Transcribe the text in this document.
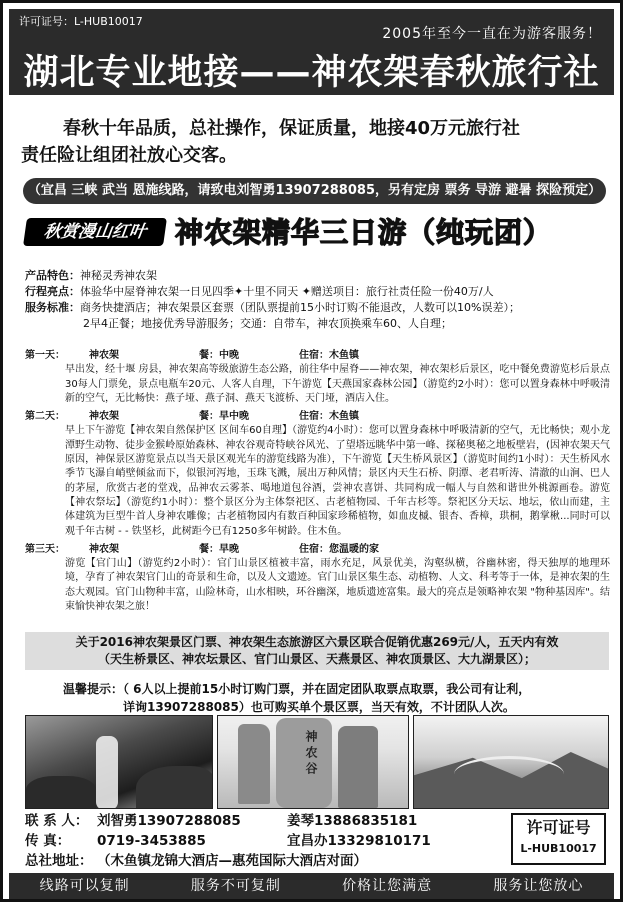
许可证号：L-HUB10017
2005年至今一直在为游客服务！
湖北专业地接——神农架春秋旅行社

春秋十年品质，总社操作，保证质量，地接40万元旅行社

责任险让组团社放心交客。

（宜昌 三峡 武当 恩施线路，请致电刘智勇13907288085，另有定房 票务 导游 避暑 探险预定）
秋赏漫山红叶 神农架精华三日游（纯玩团）
产品特色：神秘灵秀神农架
行程亮点：体验华中屋脊神农架一日见四季✦十里不同天 ✦赠送项目：旅行社责任险一份40万/人
服务标准：商务快捷酒店；神农架景区套票（团队票提前15小时订购不能退改，人数可以10%误差）；
2早4正餐；地接优秀导游服务；交通：自带车，神农顶换乘车60、人自理；
第一天：	神农架	餐：中晚	住宿：木鱼镇
早出发，经十堰 房县，神农架高等级旅游生态公路，前往华中屋脊——神农架，神农架杉后景区，吃中餐免费游览杉后景点30每人门票免，景点电瓶车20元、人客人自理，下午游览【天燕国家森林公园】（游览约2小时）：您可以置身森林中呼吸清新的空气，无比畅快：燕子垭、燕子洞、燕天飞渡桥、天门垭，酒店入住。
第二天：	神农架	餐：早中晚	住宿：木鱼镇
早上下午游览【神农架自然保护区 区间车60自理】（游览约4小时）：您可以置身森林中呼吸清新的空气，无比畅快；观小龙潭野生动物、徒步金猴岭原始森林、神农谷观奇特峡谷风光、了望塔远眺华中第一峰、探秘奥秘之地板壁岩，(因神农架天气原因，神保景区游览景点以当天景区观光车的游览线路为准），下午游览【天生桥风景区】（游览时间约1小时）：天生桥风水季节飞瀑自峭壁倾盆而下，似银河泻地，玉珠飞溅，展出万种风情；景区内天生石桥、阴潭、老君听涛、清澈的山涧、巴人的茅屋，欣赏古老的堂戏，品神农云雾茶、喝地道包谷酒，尝神农喜饼、共同构成一幅人与自然和谐世外桃源画卷。游览【神农祭坛】（游览约1小时）：整个景区分为主体祭祀区、古老植物园、千年古杉等。祭祀区分天坛、地坛，依山而建，主体建筑为巨型牛首人身神农雕像；古老植物园内有数百种国家珍稀植物，如血皮槭、银杏、香樟，珙桐，鹅掌楸...同时可以观千年古树 - - 铁坚杉，此树距今已有1250多年树龄。住木鱼。
第三天：	神农架	餐：早晚	住宿：您温暖的家
游览【官门山】（游览约2小时）：官门山景区植被丰富，雨水充足，风景优美，沟壑纵横，谷幽林密，得天独厚的地理环境，孕育了神农架官门山的奇景和生命，以及人文遗迹。官门山景区集生态、动植物、人文、科考等于一体，是神农架的生态大观园。官门山物种丰富，山险林奇，山水相映，环谷幽深，地质遗迹富集。最大的亮点是领略神农架 "物种基因库"。结束愉快神农架之旅！
关于2016神农架景区门票、神农架生态旅游区六景区联合促销优惠269元/人，五天内有效
（天生桥景区、神农坛景区、官门山景区、天燕景区、神农顶景区、大九湖景区）；
温馨提示：（ 6人以上提前15小时订购门票，并在固定团队取票点取票，我公司有让利，
详询13907288085）也可购买单个景区票，当天有效，不计团队人次。
神农谷
联 系 人： 刘智勇13907288085	姜琴13886835181
传 真：	0719-3453885	宜昌办13329810171
总社地址： （木鱼镇龙锦大酒店—惠苑国际大酒店对面）
许可证号
L-HUB10017
线路可以复制	服务不可复制	价格让您满意	服务让您放心
